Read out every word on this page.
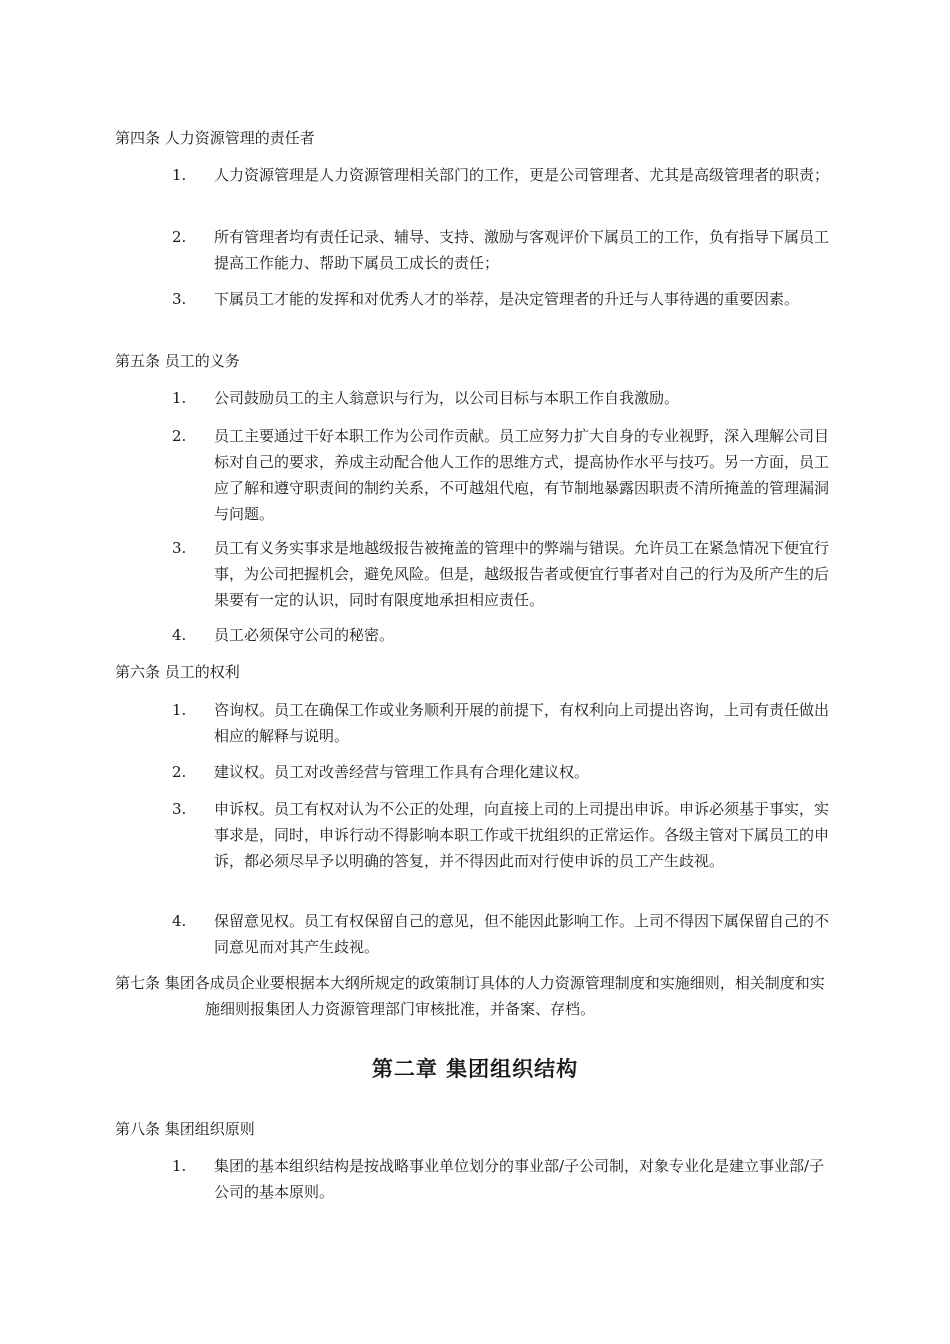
第四条 人力资源管理的责任者
1. 人力资源管理是人力资源管理相关部门的工作，更是公司管理者、尤其是高级管理者的职责；
2. 所有管理者均有责任记录、辅导、支持、激励与客观评价下属员工的工作，负有指导下属员工提高工作能力、帮助下属员工成长的责任；
3. 下属员工才能的发挥和对优秀人才的举荐，是决定管理者的升迁与人事待遇的重要因素。
第五条 员工的义务
1. 公司鼓励员工的主人翁意识与行为，以公司目标与本职工作自我激励。
2. 员工主要通过干好本职工作为公司作贡献。员工应努力扩大自身的专业视野，深入理解公司目标对自己的要求，养成主动配合他人工作的思维方式，提高协作水平与技巧。另一方面，员工应了解和遵守职责间的制约关系，不可越俎代庖，有节制地暴露因职责不清所掩盖的管理漏洞与问题。
3. 员工有义务实事求是地越级报告被掩盖的管理中的弊端与错误。允许员工在紧急情况下便宜行事，为公司把握机会，避免风险。但是，越级报告者或便宜行事者对自己的行为及所产生的后果要有一定的认识，同时有限度地承担相应责任。
4. 员工必须保守公司的秘密。
第六条 员工的权利
1. 咨询权。员工在确保工作或业务顺利开展的前提下，有权利向上司提出咨询，上司有责任做出相应的解释与说明。
2. 建议权。员工对改善经营与管理工作具有合理化建议权。
3. 申诉权。员工有权对认为不公正的处理，向直接上司的上司提出申诉。申诉必须基于事实，实事求是，同时，申诉行动不得影响本职工作或干扰组织的正常运作。各级主管对下属员工的申诉，都必须尽早予以明确的答复，并不得因此而对行使申诉的员工产生歧视。
4. 保留意见权。员工有权保留自己的意见，但不能因此影响工作。上司不得因下属保留自己的不同意见而对其产生歧视。
第七条 集团各成员企业要根据本大纲所规定的政策制订具体的人力资源管理制度和实施细则，相关制度和实施细则报集团人力资源管理部门审核批准，并备案、存档。
第二章 集团组织结构
第八条 集团组织原则
1. 集团的基本组织结构是按战略事业单位划分的事业部/子公司制，对象专业化是建立事业部/子公司的基本原则。
